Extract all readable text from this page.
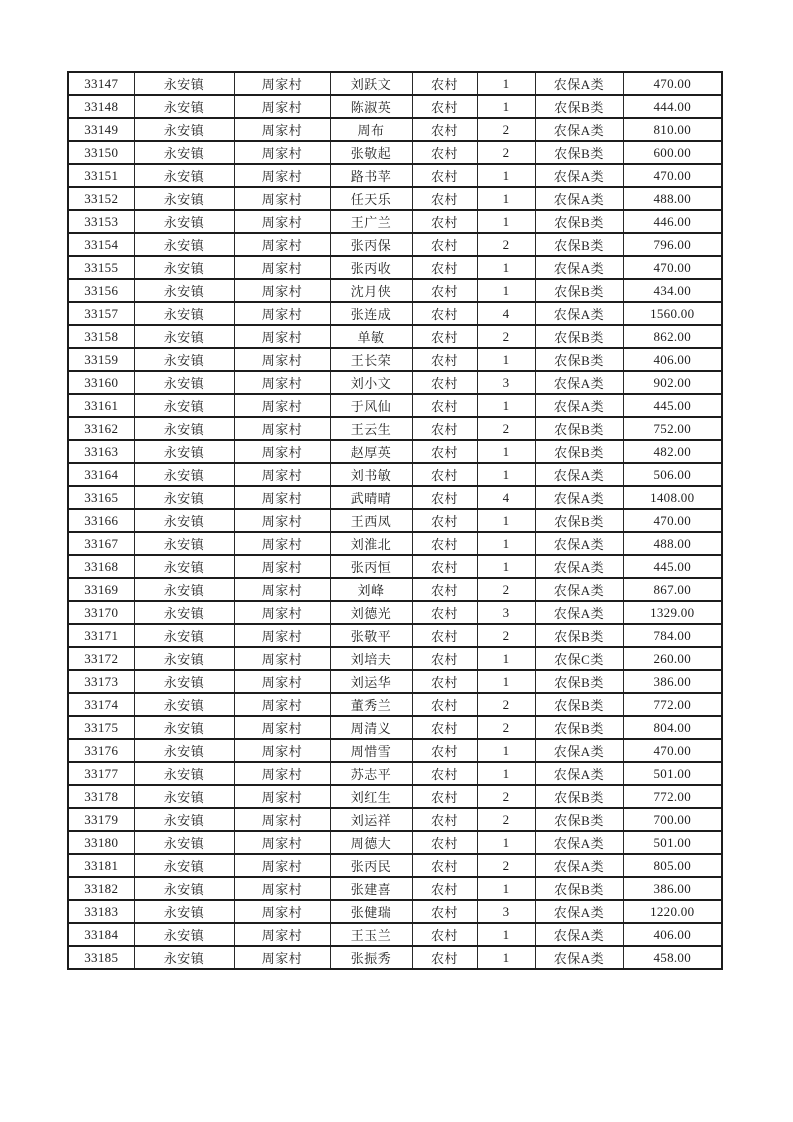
33147	永安镇	周家村	刘跃文	农村	1	农保A类	470.00
33148	永安镇	周家村	陈淑英	农村	1	农保B类	444.00
33149	永安镇	周家村	周布	农村	2	农保A类	810.00
33150	永安镇	周家村	张敬起	农村	2	农保B类	600.00
33151	永安镇	周家村	路书苹	农村	1	农保A类	470.00
33152	永安镇	周家村	任天乐	农村	1	农保A类	488.00
33153	永安镇	周家村	王广兰	农村	1	农保B类	446.00
33154	永安镇	周家村	张丙保	农村	2	农保B类	796.00
33155	永安镇	周家村	张丙收	农村	1	农保A类	470.00
33156	永安镇	周家村	沈月侠	农村	1	农保B类	434.00
33157	永安镇	周家村	张连成	农村	4	农保A类	1560.00
33158	永安镇	周家村	单敏	农村	2	农保B类	862.00
33159	永安镇	周家村	王长荣	农村	1	农保B类	406.00
33160	永安镇	周家村	刘小文	农村	3	农保A类	902.00
33161	永安镇	周家村	于风仙	农村	1	农保A类	445.00
33162	永安镇	周家村	王云生	农村	2	农保B类	752.00
33163	永安镇	周家村	赵厚英	农村	1	农保B类	482.00
33164	永安镇	周家村	刘书敏	农村	1	农保A类	506.00
33165	永安镇	周家村	武晴晴	农村	4	农保A类	1408.00
33166	永安镇	周家村	王西凤	农村	1	农保B类	470.00
33167	永安镇	周家村	刘淮北	农村	1	农保A类	488.00
33168	永安镇	周家村	张丙恒	农村	1	农保A类	445.00
33169	永安镇	周家村	刘峰	农村	2	农保A类	867.00
33170	永安镇	周家村	刘德光	农村	3	农保A类	1329.00
33171	永安镇	周家村	张敬平	农村	2	农保B类	784.00
33172	永安镇	周家村	刘培夫	农村	1	农保C类	260.00
33173	永安镇	周家村	刘运华	农村	1	农保B类	386.00
33174	永安镇	周家村	董秀兰	农村	2	农保B类	772.00
33175	永安镇	周家村	周清义	农村	2	农保B类	804.00
33176	永安镇	周家村	周惜雪	农村	1	农保A类	470.00
33177	永安镇	周家村	苏志平	农村	1	农保A类	501.00
33178	永安镇	周家村	刘红生	农村	2	农保B类	772.00
33179	永安镇	周家村	刘运祥	农村	2	农保B类	700.00
33180	永安镇	周家村	周德大	农村	1	农保A类	501.00
33181	永安镇	周家村	张丙民	农村	2	农保A类	805.00
33182	永安镇	周家村	张建喜	农村	1	农保B类	386.00
33183	永安镇	周家村	张健瑞	农村	3	农保A类	1220.00
33184	永安镇	周家村	王玉兰	农村	1	农保A类	406.00
33185	永安镇	周家村	张振秀	农村	1	农保A类	458.00
